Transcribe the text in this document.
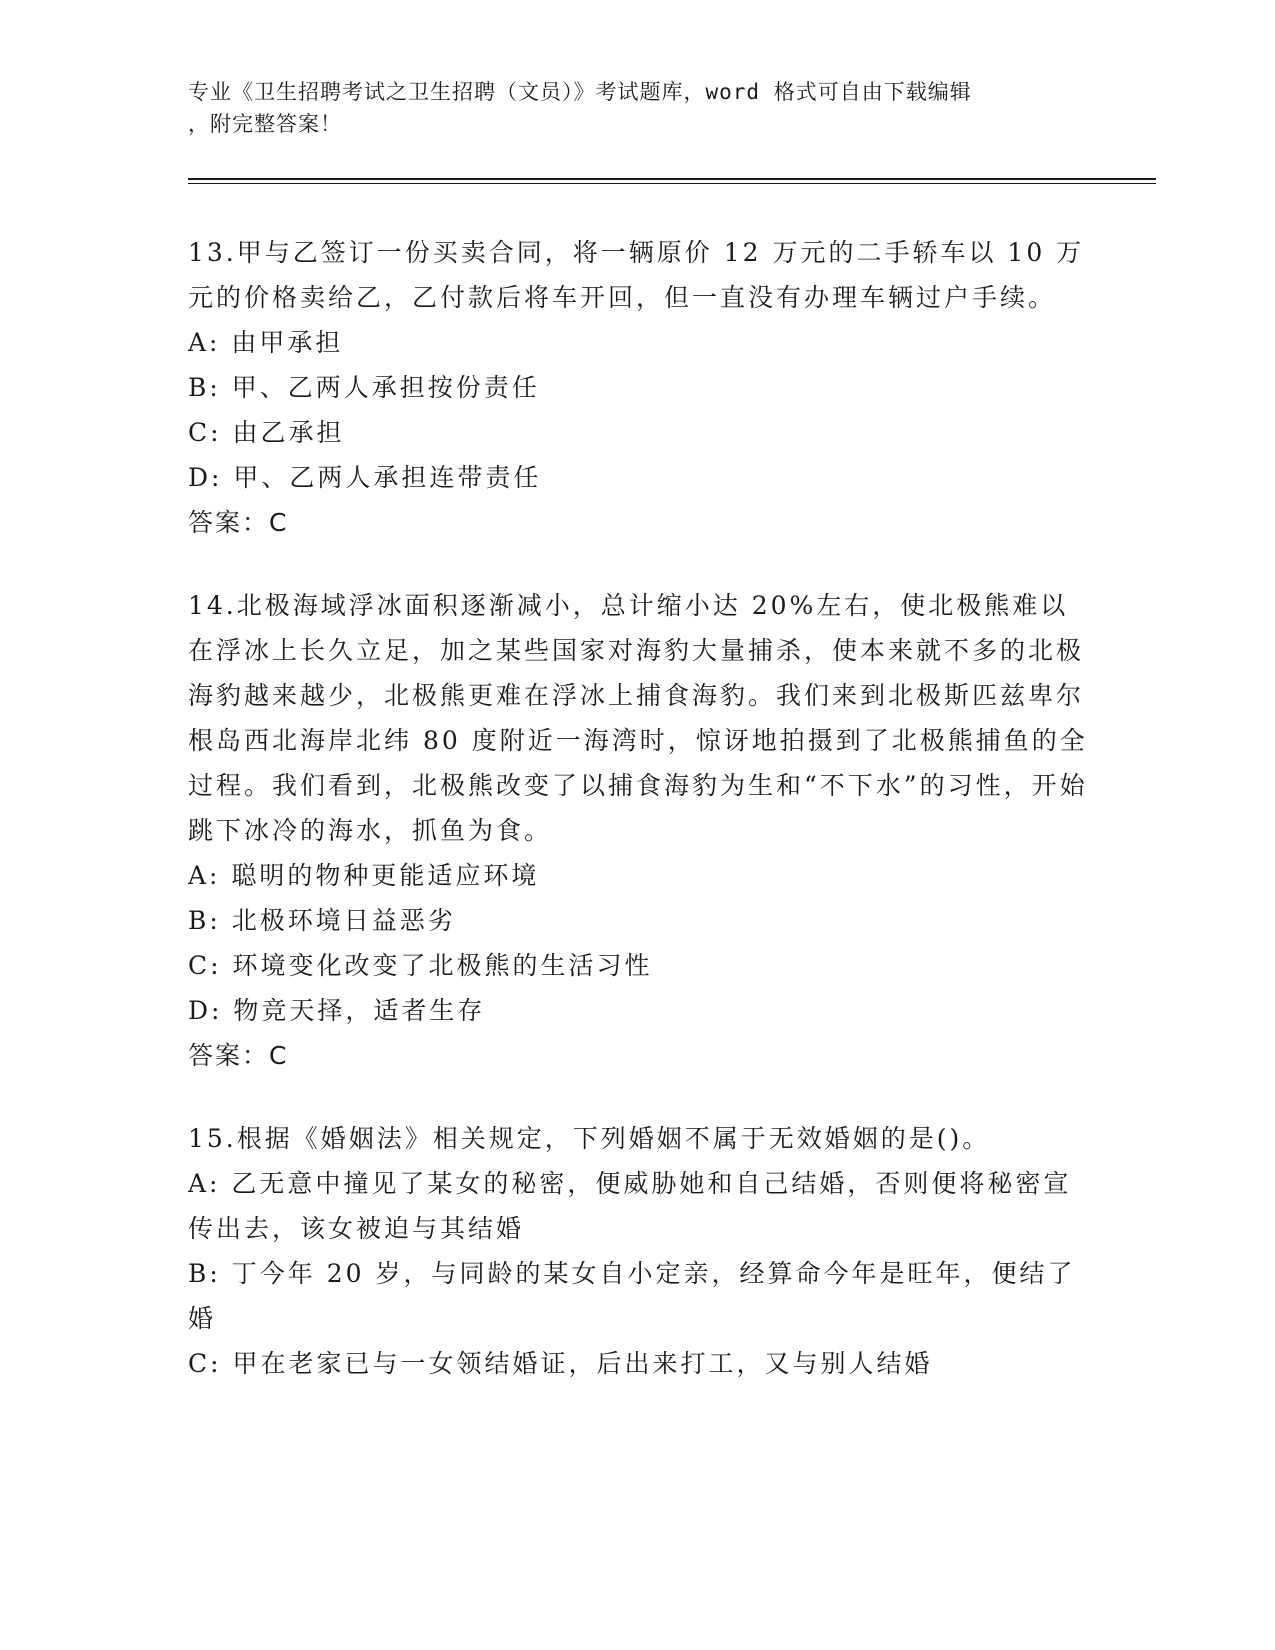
专业《卫生招聘考试之卫生招聘（文员）》考试题库，word 格式可自由下载编辑
，附完整答案！

13.甲与乙签订一份买卖合同，将一辆原价 12 万元的二手轿车以 10 万元的价格卖给乙，乙付款后将车开回，但一直没有办理车辆过户手续。

A: 由甲承担

B: 甲、乙两人承担按份责任

C: 由乙承担

D: 甲、乙两人承担连带责任

答案：C

14.北极海域浮冰面积逐渐减小，总计缩小达 20%左右，使北极熊难以在浮冰上长久立足，加之某些国家对海豹大量捕杀，使本来就不多的北极海豹越来越少，北极熊更难在浮冰上捕食海豹。我们来到北极斯匹兹卑尔根岛西北海岸北纬 80 度附近一海湾时，惊讶地拍摄到了北极熊捕鱼的全过程。我们看到，北极熊改变了以捕食海豹为生和“不下水”的习性，开始跳下冰冷的海水，抓鱼为食。

A: 聪明的物种更能适应环境

B: 北极环境日益恶劣

C: 环境变化改变了北极熊的生活习性

D: 物竞天择，适者生存

答案：C

15.根据《婚姻法》相关规定，下列婚姻不属于无效婚姻的是()。

A: 乙无意中撞见了某女的秘密，便威胁她和自己结婚，否则便将秘密宣传出去，该女被迫与其结婚

B: 丁今年 20 岁，与同龄的某女自小定亲，经算命今年是旺年，便结了婚

C: 甲在老家已与一女领结婚证，后出来打工，又与别人结婚
